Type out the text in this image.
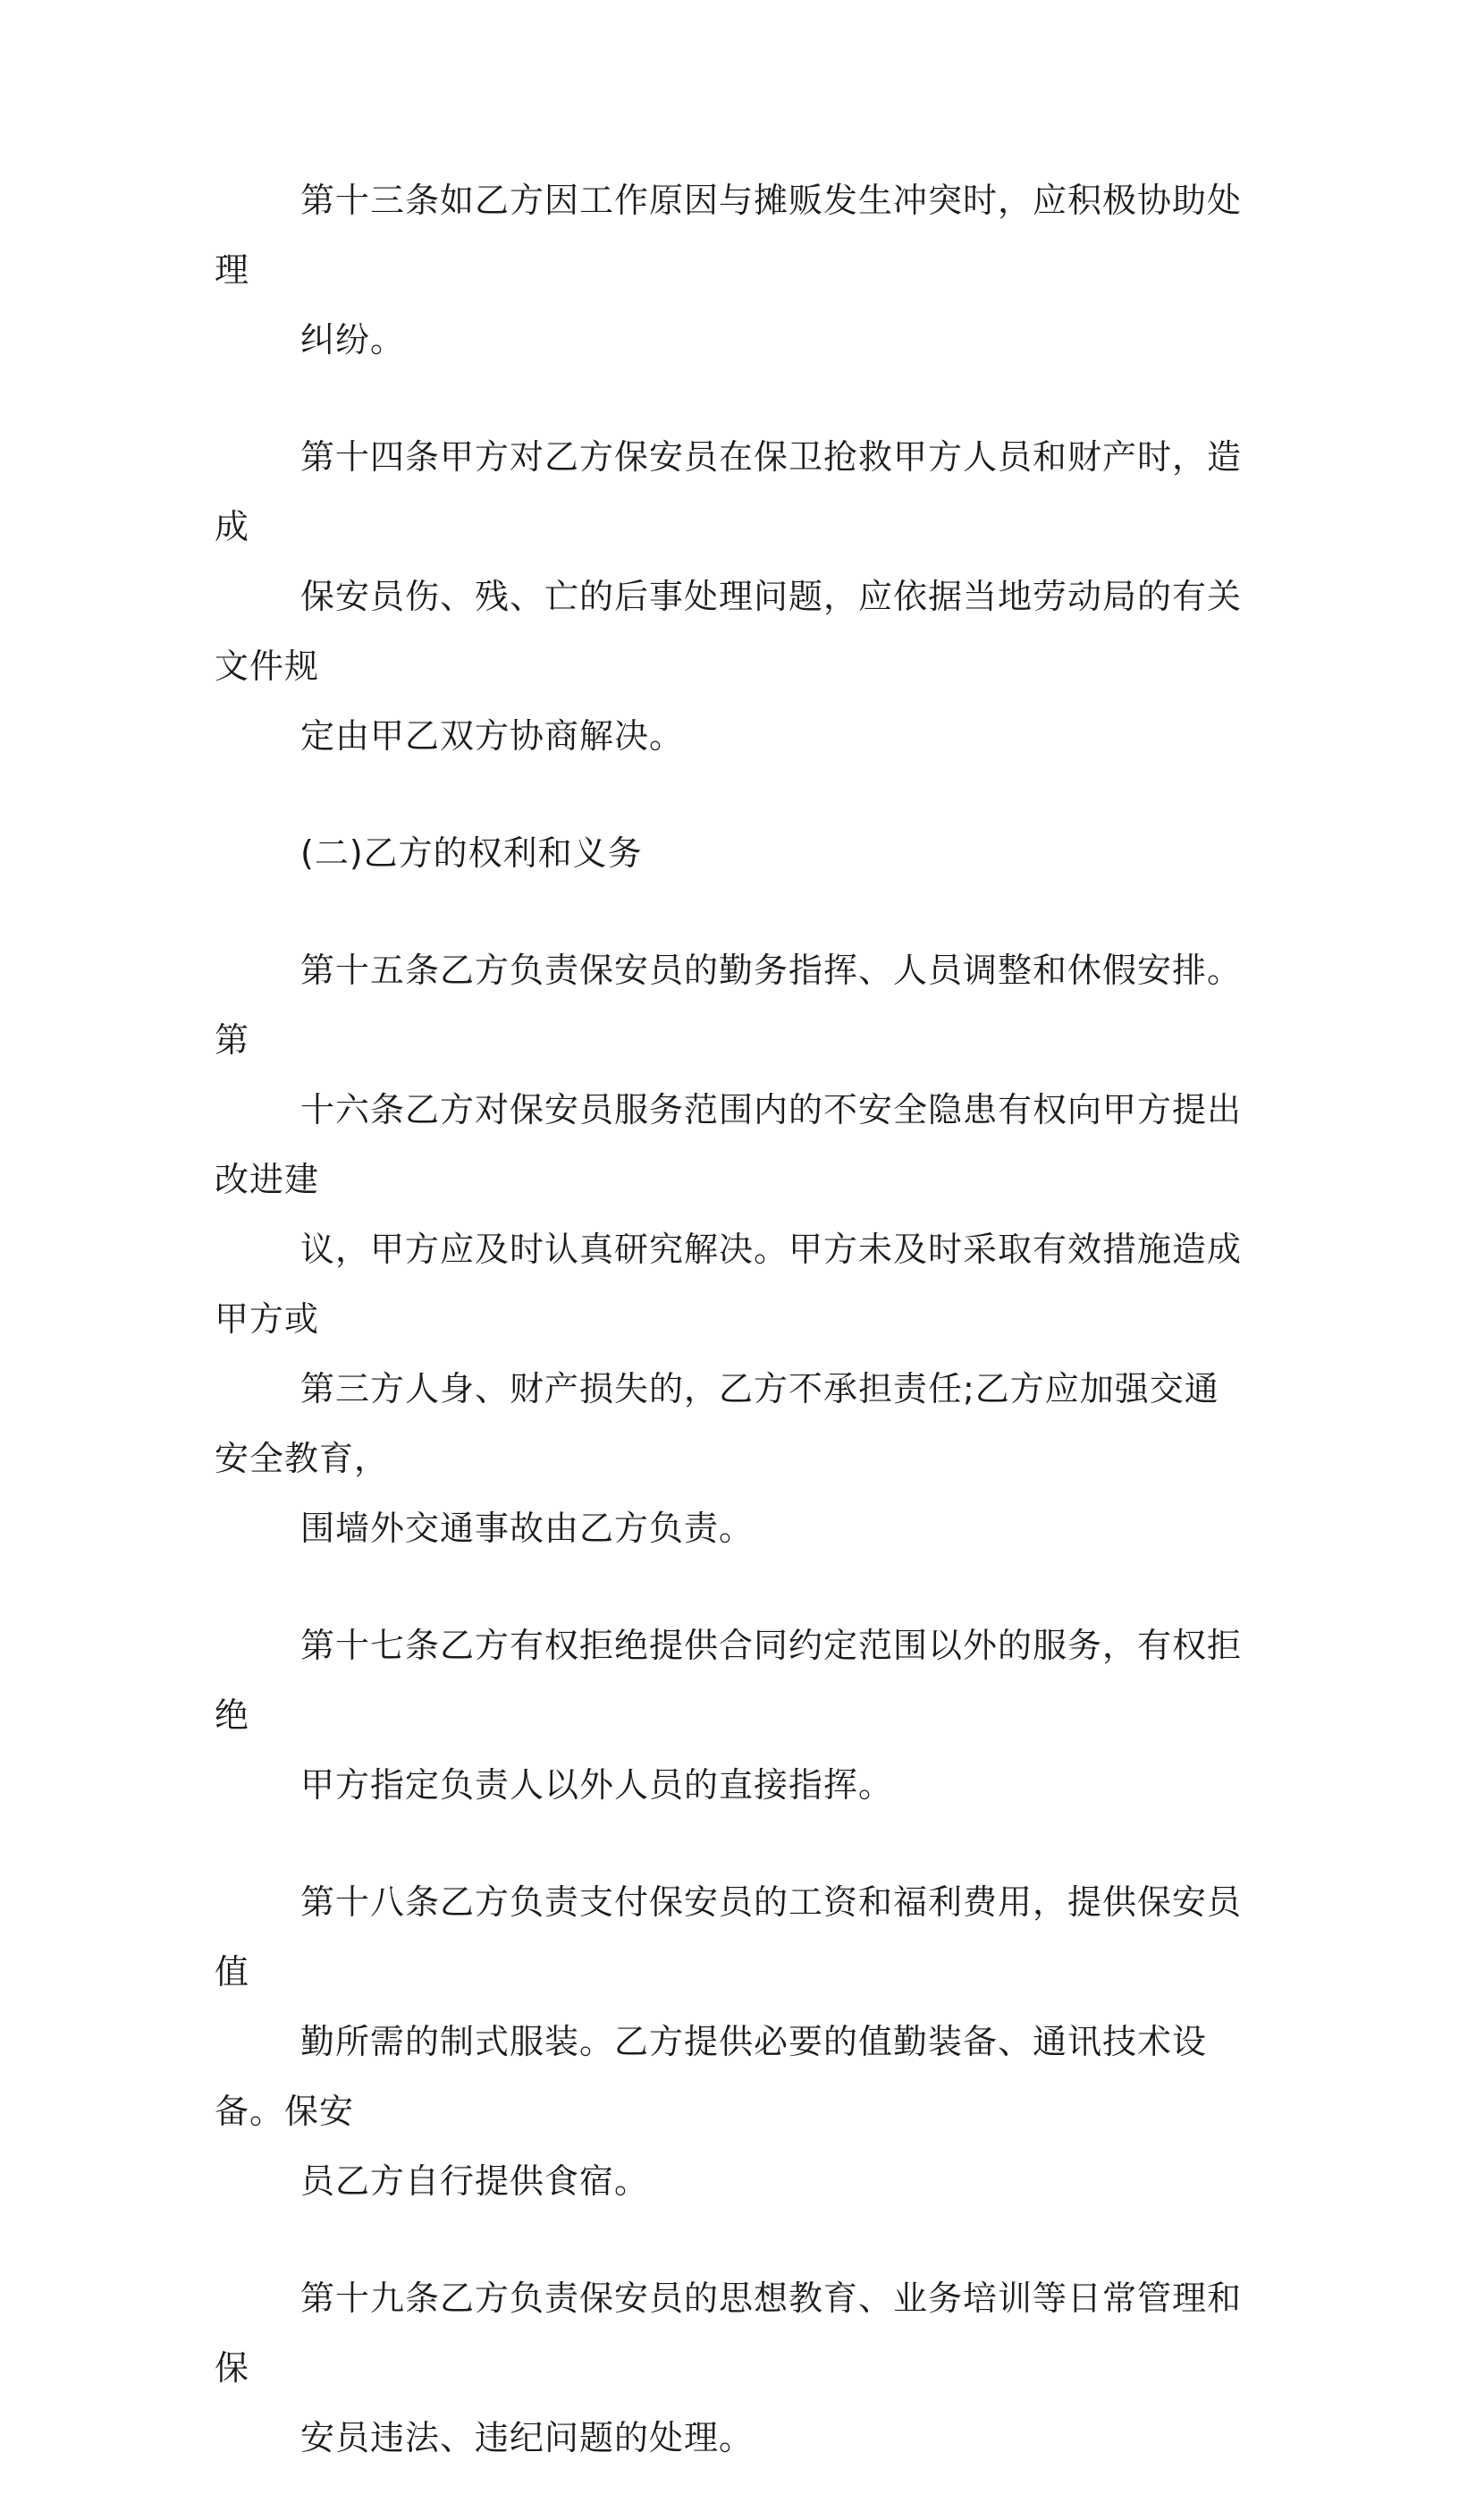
第十三条如乙方因工作原因与摊贩发生冲突时，应积极协助处理
纠纷。

第十四条甲方对乙方保安员在保卫抢救甲方人员和财产时，造成
保安员伤、残、亡的后事处理问题，应依据当地劳动局的有关文件规
定由甲乙双方协商解决。

(二)乙方的权利和义务

第十五条乙方负责保安员的勤务指挥、人员调整和休假安排。第
十六条乙方对保安员服务范围内的不安全隐患有权向甲方提出改进建
议，甲方应及时认真研究解决。甲方未及时采取有效措施造成甲方或
第三方人身、财产损失的，乙方不承担责任;乙方应加强交通安全教育，
围墙外交通事故由乙方负责。

第十七条乙方有权拒绝提供合同约定范围以外的服务，有权拒绝
甲方指定负责人以外人员的直接指挥。

第十八条乙方负责支付保安员的工资和福利费用，提供保安员值
勤所需的制式服装。乙方提供必要的值勤装备、通讯技术设备。保安
员乙方自行提供食宿。

第十九条乙方负责保安员的思想教育、业务培训等日常管理和保
安员违法、违纪问题的处理。
